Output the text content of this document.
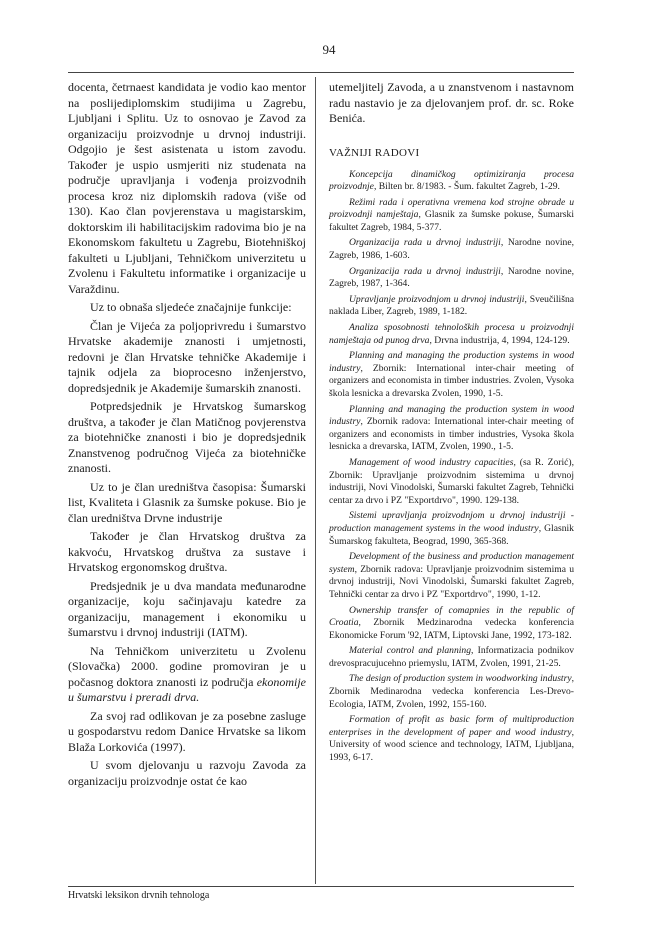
94

docenta, četrnaest kandidata je vodio kao mentor na poslijediplomskim studijima u Zagrebu, Ljubljani i Splitu. Uz to osnovao je Zavod za organizaciju proizvodnje u drvnoj industriji. Odgojio je šest asistenata u istom zavodu. Također je uspio usmjeriti niz studenata na područje upravljanja i vođenja proizvodnih procesa kroz niz diplomskih radova (više od 130). Kao član povjerenstava u magistarskim, doktorskim ili habilitacijskim radovima bio je na Ekonomskom fakultetu u Zagrebu, Biotehniškoj fakulteti u Ljubljani, Tehničkom univerzitetu u Zvolenu i Fakultetu informatike i organizacije u Varaždinu.

Uz to obnaša sljedeće značajnije funkcije:

Član je Vijeća za poljoprivredu i šumarstvo Hrvatske akademije znanosti i umjetnosti, redovni je član Hrvatske tehničke Akademije i tajnik odjela za bioprocesno inženjerstvo, dopredsjednik je Akademije šumarskih znanosti.

Potpredsjednik je Hrvatskog šumarskog društva, a također je član Matičnog povjerenstva za biotehničke znanosti i bio je dopredsjednik Znanstvenog područnog Vijeća za biotehničke znanosti.

Uz to je član uredništva časopisa: Šumarski list, Kvaliteta i Glasnik za šumske pokuse. Bio je član uredništva Drvne industrije

Također je član Hrvatskog društva za kakvoću, Hrvatskog društva za sustave i Hrvatskog ergonomskog društva.

Predsjednik je u dva mandata međunarodne organizacije, koju sačinjavaju katedre za organizaciju, management i ekonomiku u šumarstvu i drvnoj industriji (IATM).

Na Tehničkom univerzitetu u Zvolenu (Slovačka) 2000. godine promoviran je u počasnog doktora znanosti iz područja ekonomije u šumarstvu i preradi drva.

Za svoj rad odlikovan je za posebne zasluge u gospodarstvu redom Danice Hrvatske sa likom Blaža Lorkovića (1997).

U svom djelovanju u razvoju Zavoda za organizaciju proizvodnje ostat će kao

utemeljitelj Zavoda, a u znanstvenom i nastavnom radu nastavio je za djelovanjem prof. dr. sc. Roke Benića.

VAŽNIJI RADOVI

Koncepcija dinamičkog optimiziranja procesa proizvodnje, Bilten br. 8/1983. - Šum. fakultet Zagreb, 1-29.

Režimi rada i operativna vremena kod strojne obrade u proizvodnji namještaja, Glasnik za šumske pokuse, Šumarski fakultet Zagreb, 1984, 5-377.

Organizacija rada u drvnoj industriji, Narodne novine, Zagreb, 1986, 1-603.

Organizacija rada u drvnoj industriji, Narodne novine, Zagreb, 1987, 1-364.

Upravljanje proizvodnjom u drvnoj industriji, Sveučilišna naklada Liber, Zagreb, 1989, 1-182.

Analiza sposobnosti tehnoloških procesa u proizvodnji namještaja od punog drva, Drvna industrija, 4, 1994, 124-129.

Planning and managing the production systems in wood industry, Zbornik: International inter-chair meeting of organizers and economista in timber industries. Zvolen, Vysoka škola lesnicka a drevarska Zvolen, 1990, 1-5.

Planning and managing the production system in wood industry, Zbornik radova: International inter-chair meeting of organizers and economists in timber industries, Vysoka škola lesnicka a drevarska, IATM, Zvolen, 1990., 1-5.

Management of wood industry capacities, (sa R. Zorić), Zbornik: Upravljanje proizvodnim sistemima u drvnoj industriji, Novi Vinodolski, Šumarski fakultet Zagreb, Tehnički centar za drvo i PZ "Exportdrvo", 1990. 129-138.

Sistemi upravljanja proizvodnjom u drvnoj industriji - production management systems in the wood industry, Glasnik Šumarskog fakulteta, Beograd, 1990, 365-368.

Development of the business and production management system, Zbornik radova: Upravljanje proizvodnim sistemima u drvnoj industriji, Novi Vinodolski, Šumarski fakultet Zagreb, Tehnički centar za drvo i PZ "Exportdrvo", 1990, 1-12.

Ownership transfer of comapnies in the republic of Croatia, Zbornik Medzinarodna vedecka konferencia Ekonomicke Forum '92, IATM, Liptovski Jane, 1992, 173-182.

Material control and planning, Informatizacia podnikov drevospracujucehno priemyslu, IATM, Zvolen, 1991, 21-25.

The design of production system in woodworking industry, Zbornik Medinarodna vedecka konferencia Les-Drevo-Ecologia, IATM, Zvolen, 1992, 155-160.

Formation of profit as basic form of multiproduction enterprises in the development of paper and wood industry, University of wood science and technology, IATM, Ljubljana, 1993, 6-17.

Hrvatski leksikon drvnih tehnologa
